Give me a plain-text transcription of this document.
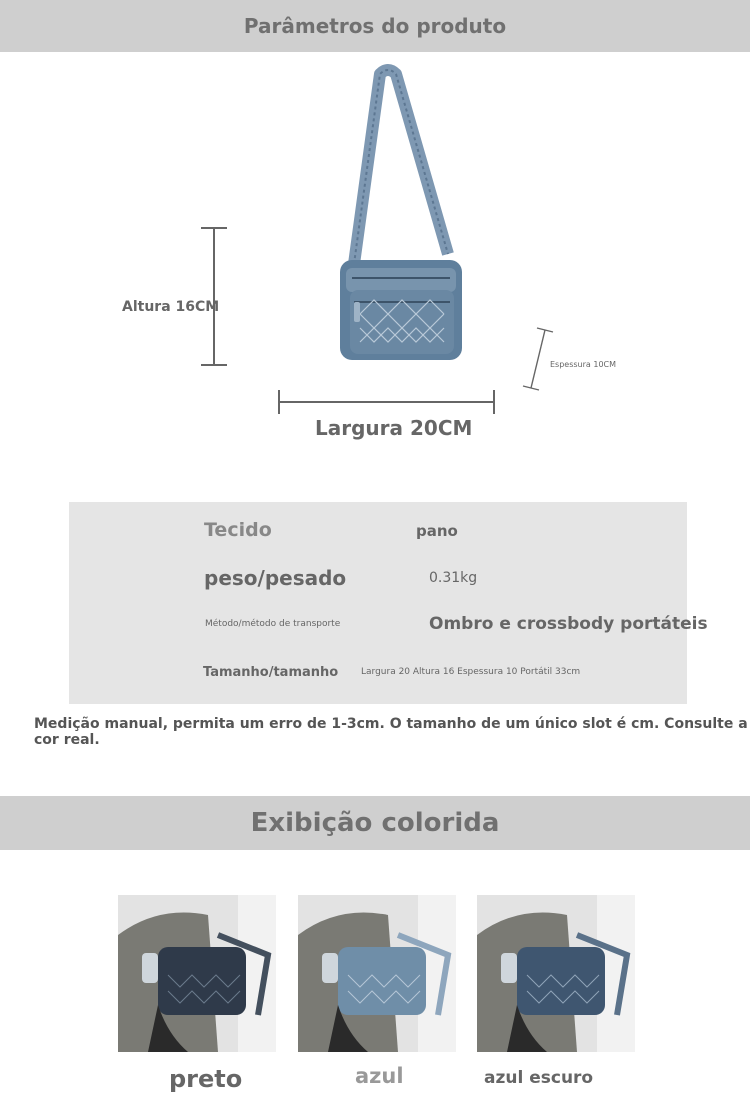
Parâmetros do produto
Altura 16CM
Largura 20CM
Espessura 10CM
Tecido	pano
peso/pesado	0.31kg
Método/método de transporte	Ombro e crossbody portáteis
Tamanho/tamanho	Largura 20 Altura 16 Espessura 10 Portátil 33cm
Medição manual, permita um erro de 1-3cm. O tamanho de um único slot é cm. Consulte a cor real.
Exibição colorida
preto	azul	azul escuro
